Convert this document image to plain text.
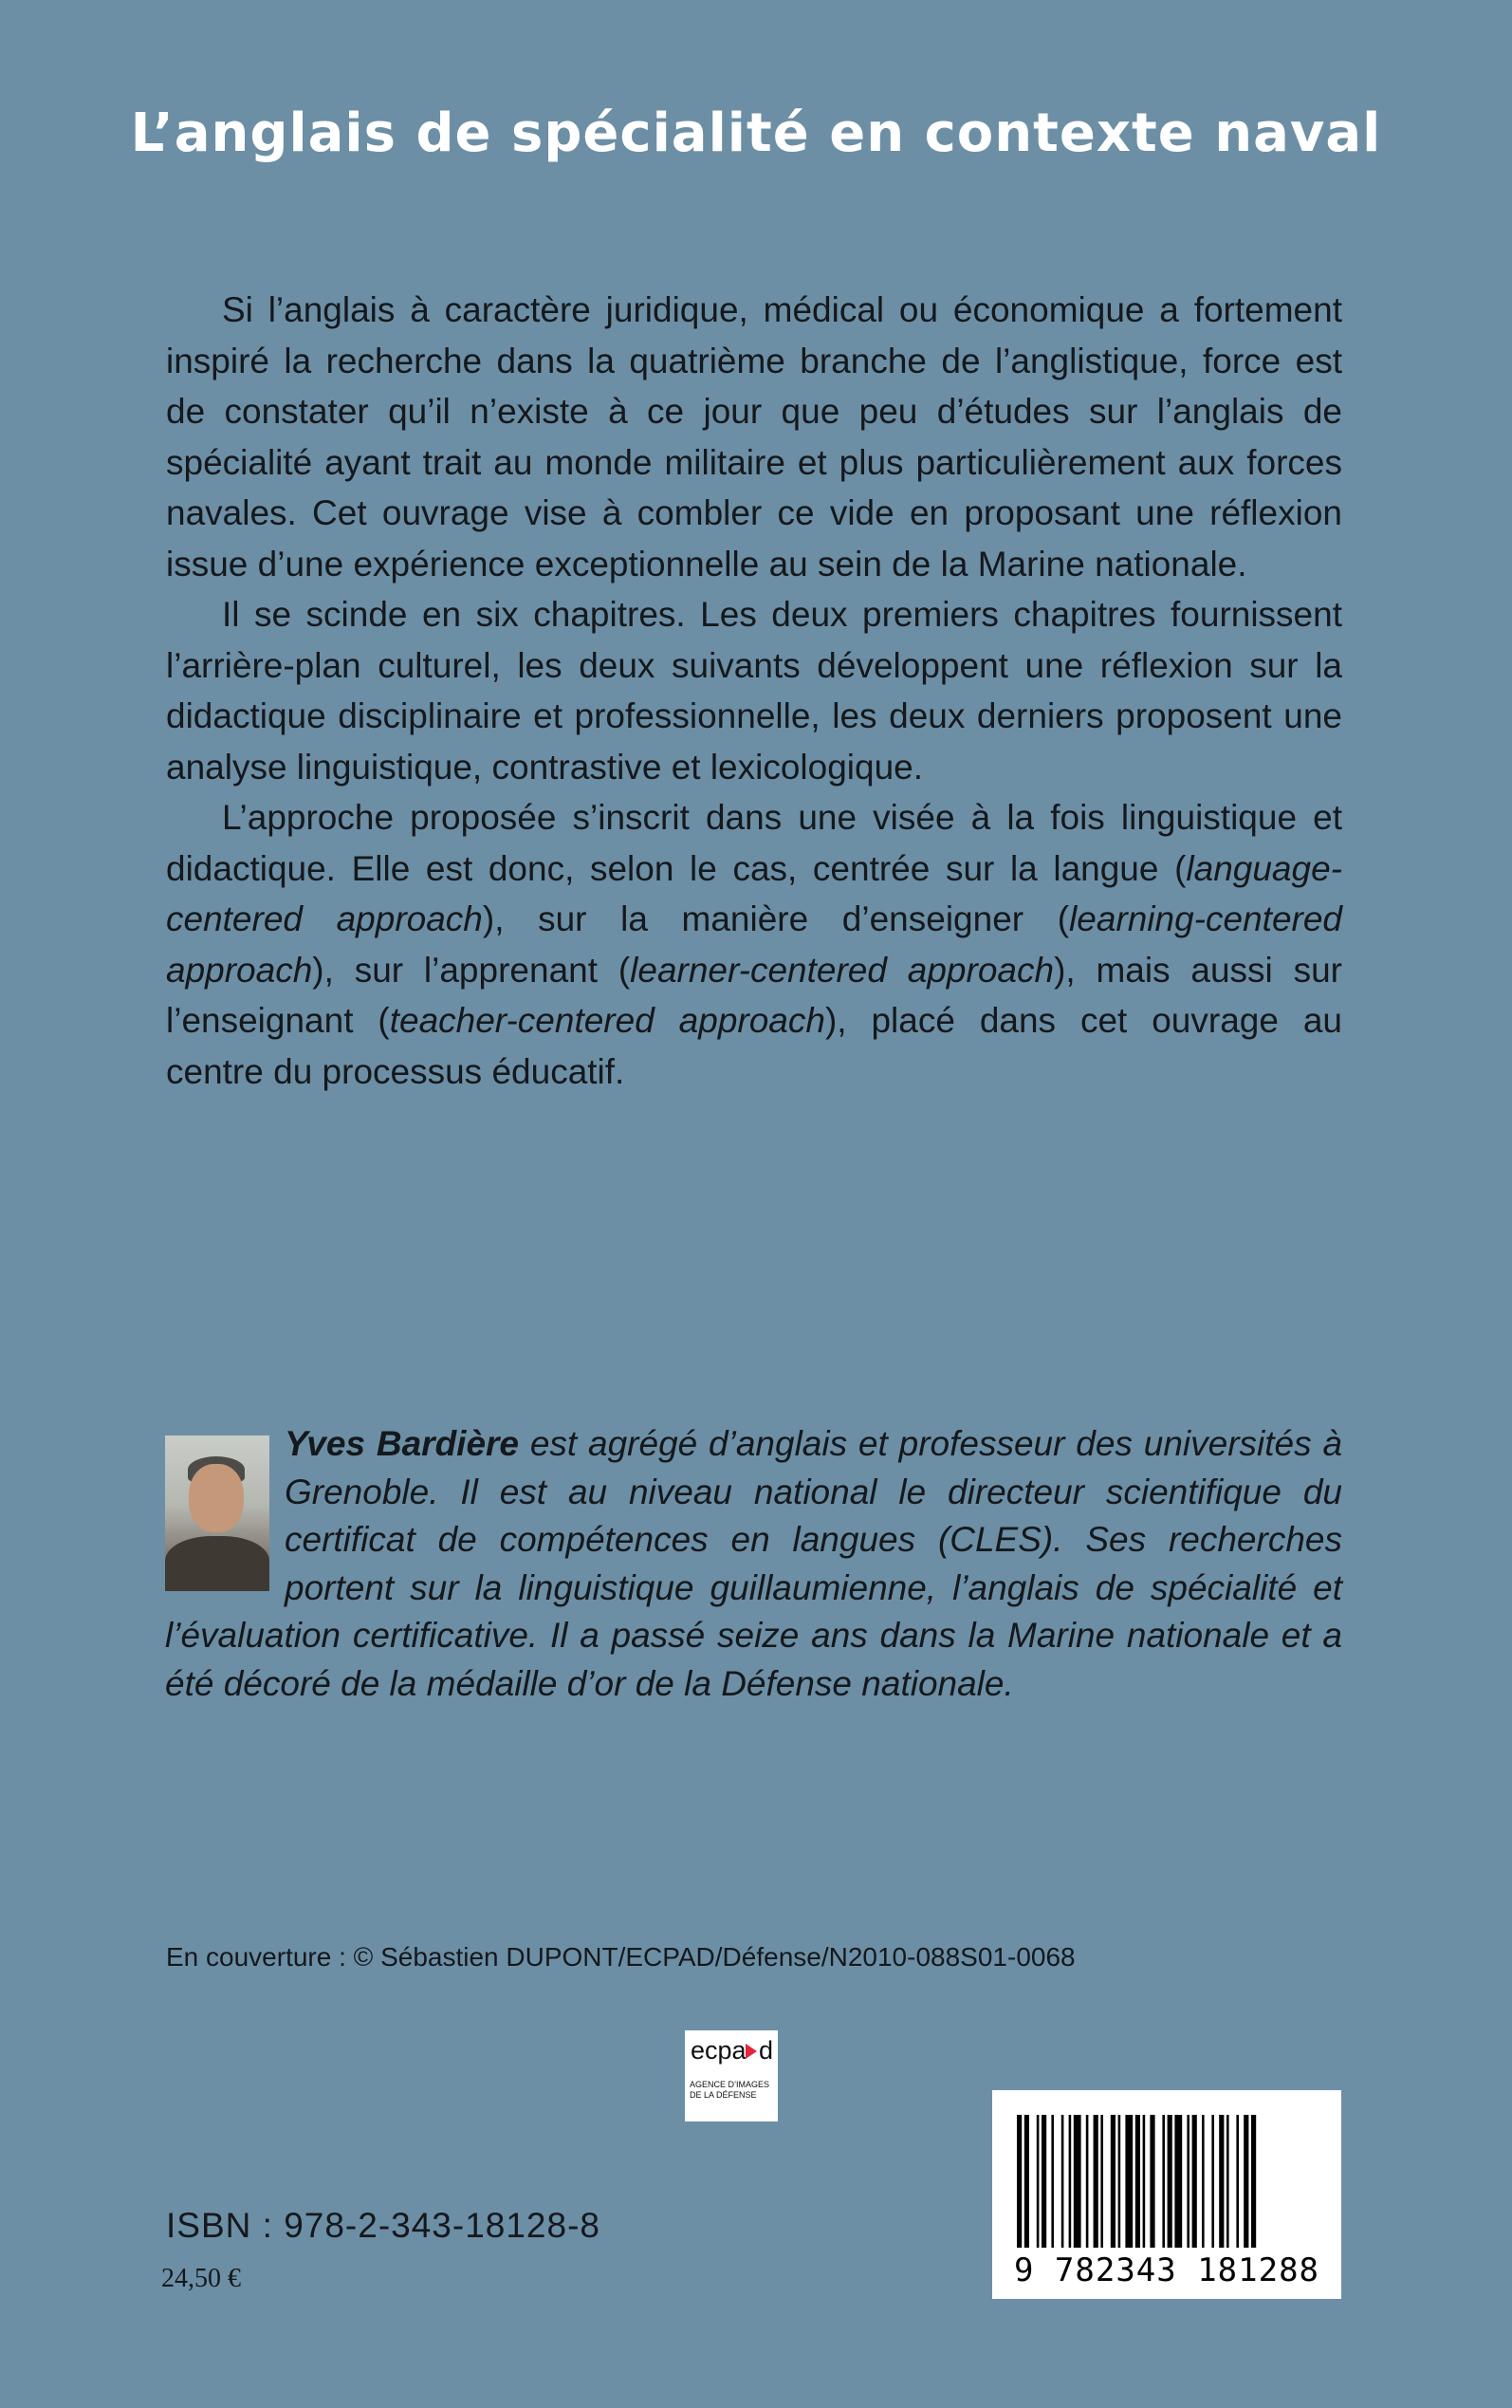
L’anglais de spécialité en contexte naval

Si l’anglais à caractère juridique, médical ou économique a fortement inspiré la recherche dans la quatrième branche de l’anglistique, force est de constater qu’il n’existe à ce jour que peu d’études sur l’anglais de spécialité ayant trait au monde militaire et plus particulièrement aux forces navales. Cet ouvrage vise à combler ce vide en proposant une réflexion issue d’une expérience exceptionnelle au sein de la Marine nationale.

Il se scinde en six chapitres. Les deux premiers chapitres fournissent l’arrière-plan culturel, les deux suivants développent une réflexion sur la didactique disciplinaire et professionnelle, les deux derniers proposent une analyse linguistique, contrastive et lexicologique.

L’approche proposée s’inscrit dans une visée à la fois linguistique et didactique. Elle est donc, selon le cas, centrée sur la langue (language-centered approach), sur la manière d’enseigner (learning-centered approach), sur l’apprenant (learner-centered approach), mais aussi sur l’enseignant (teacher-centered approach), placé dans cet ouvrage au centre du processus éducatif.

Yves Bardière est agrégé d’anglais et professeur des universités à Grenoble. Il est au niveau national le directeur scientifique du certificat de compétences en langues (CLES). Ses recherches portent sur la linguistique guillaumienne, l’anglais de spécialité et l’évaluation certificative. Il a passé seize ans dans la Marine nationale et a été décoré de la médaille d’or de la Défense nationale.
En couverture : © Sébastien DUPONT/ECPAD/Défense/N2010-088S01-0068
ecpa d
AGENCE D’IMAGES DE LA DÉFENSE
ISBN : 978-2-343-18128-8
24,50 €	9 782343 181288
